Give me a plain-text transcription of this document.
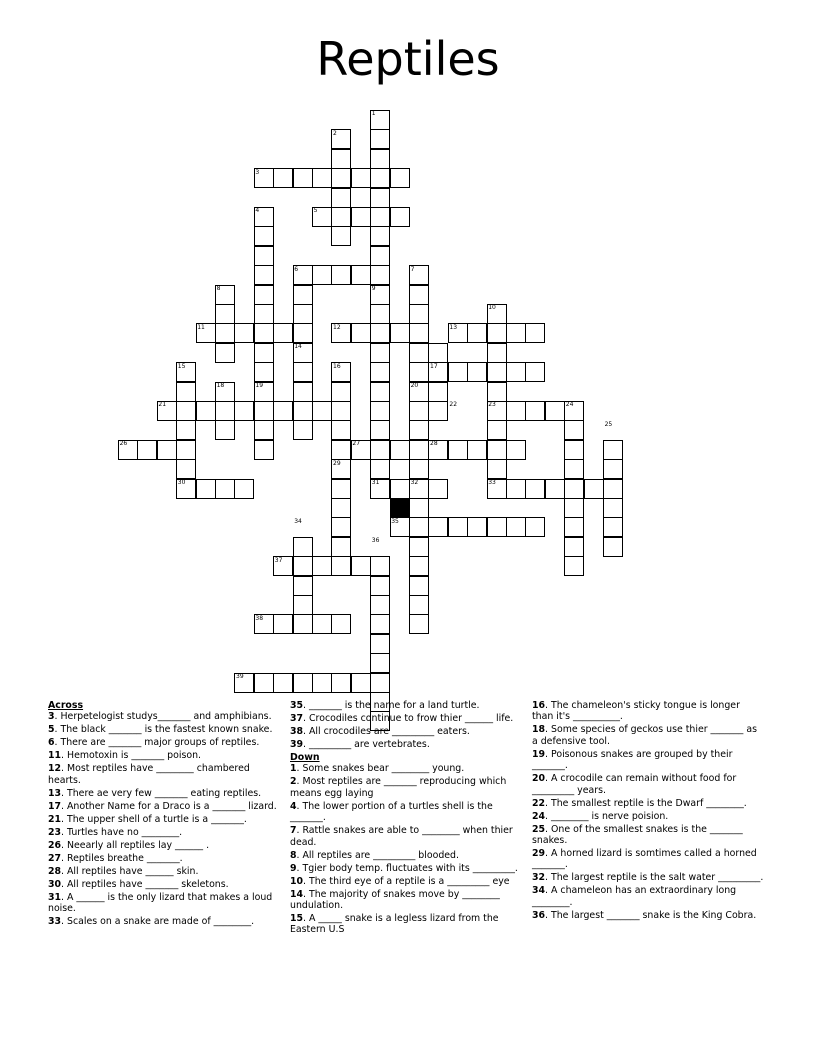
Reptiles
3
5
6
11	12	13
17
21	23
26	27	28
30	31	33
35
37
38
39
1
2
4
7
8	9
10
14
15	16
18	19	20
22	24
25
29
32
34
36
Across
3. Herpetelogist studys_______ and amphibians.
5. The black _______ is the fastest known snake.
6. There are _______ major groups of reptiles.
11. Hemotoxin is _______ poison.
12. Most reptiles have ________ chambered hearts.
13. There ae very few _______ eating reptiles.
17. Another Name for a Draco is a _______ lizard.
21. The upper shell of a turtle is a _______.
23. Turtles have no ________.
26. Neearly all reptiles lay ______ .
27. Reptiles breathe _______.
28. All reptiles have ______ skin.
30. All reptiles have _______ skeletons.
31. A ______ is the only lizard that makes a loud noise.
33. Scales on a snake are made of ________.
35. _______ is the name for a land turtle.
37. Crocodiles continue to frow thier ______ life.
38. All crocodiles are _________ eaters.
39. _________ are vertebrates.
Down
1. Some snakes bear ________ young.
2. Most reptiles are _______ reproducing which means egg laying
4. The lower portion of a turtles shell is the _______.
7. Rattle snakes are able to ________ when thier dead.
8. All reptiles are _________ blooded.
9. Tgier body temp. fluctuates with its _________.
10. The third eye of a reptile is a _________ eye
14. The majority of snakes move by ________ undulation.
15. A _____ snake is a legless lizard from the Eastern U.S
16. The chameleon's sticky tongue is longer than it's __________.
18. Some species of geckos use thier _______ as a defensive tool.
19. Poisonous snakes are grouped by their _______.
20. A crocodile can remain without food for _________ years.
22. The smallest reptile is the Dwarf ________.
24. ________ is nerve poision.
25. One of the smallest snakes is the _______ snakes.
29. A horned lizard is somtimes called a horned _______.
32. The largest reptile is the salt water _________.
34. A chameleon has an extraordinary long ________.
36. The largest _______ snake is the King Cobra.
